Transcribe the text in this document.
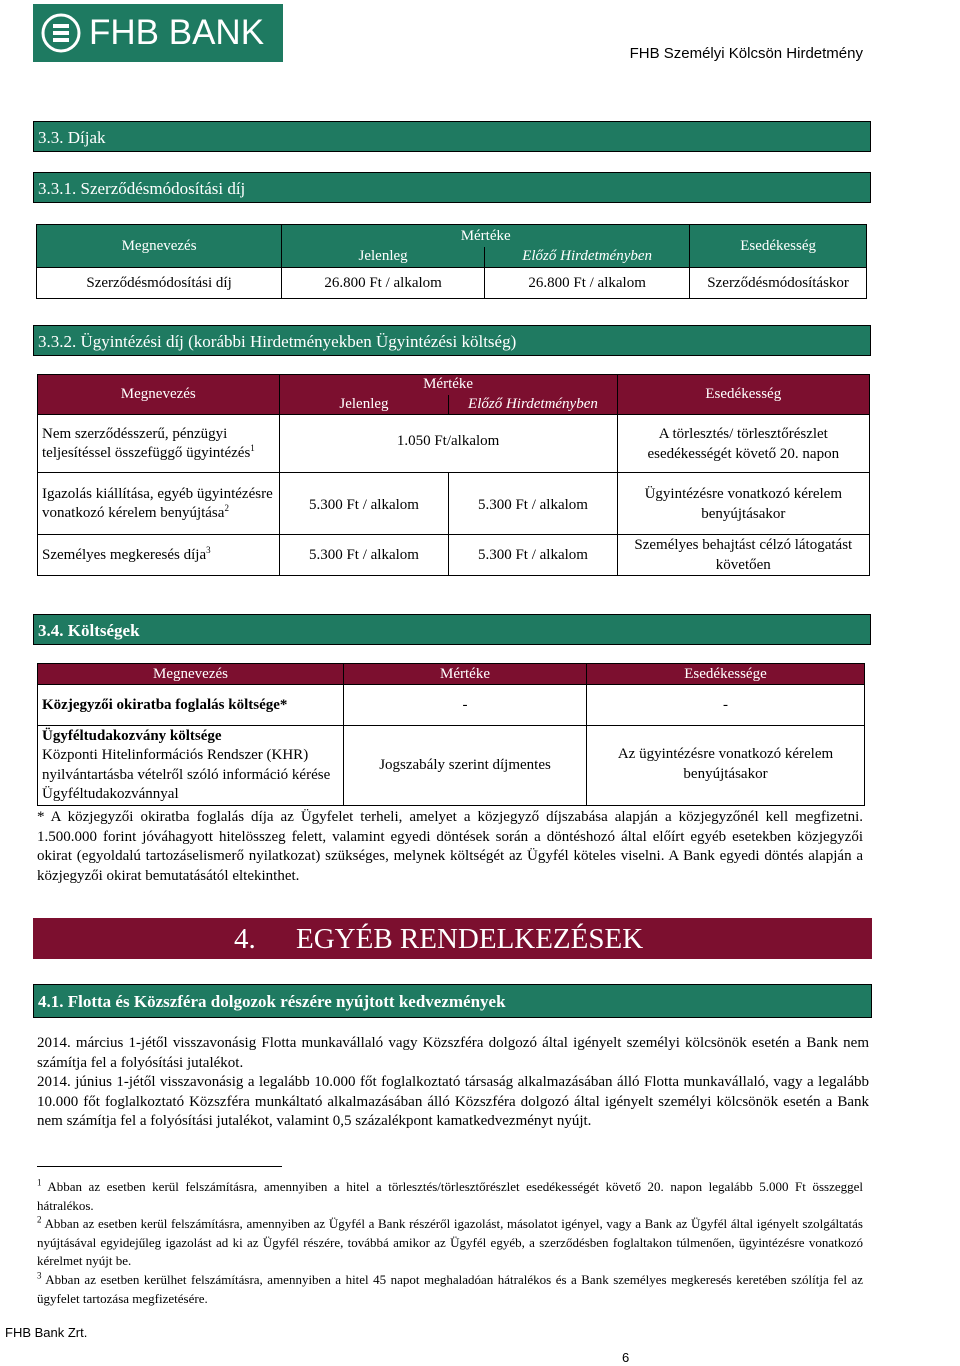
FHB BANK
FHB Személyi Kölcsön Hirdetmény
3.3. Díjak
3.3.1. Szerződésmódosítási díj
Megnevezés	Mértéke		Esedékesség
	Jelenleg	Előző Hirdetményben	
Szerződésmódosítási díj	26.800 Ft / alkalom	26.800 Ft / alkalom	Szerződésmódosításkor
3.3.2. Ügyintézési díj (korábbi Hirdetményekben Ügyintézési költség)
Megnevezés	Mértéke		Esedékesség
	Jelenleg	Előző Hirdetményben	
Nem szerződésszerű, pénzügyi teljesítéssel összefüggő ügyintézés$^1$	1.050 Ft/alkalom		A törlesztés/ törlesztőrészlet esedékességét követő 20. napon
Igazolás kiállítása, egyéb ügyintézésre vonatkozó kérelem benyújtása$^2$	5.300 Ft / alkalom	5.300 Ft / alkalom	Ügyintézésre vonatkozó kérelem benyújtásakor
Személyes megkeresés díja$^3$	5.300 Ft / alkalom	5.300 Ft / alkalom	Személyes behajtást célzó látogatást követően
3.4. Költségek
Megnevezés	Mértéke	Esedékessége
Közjegyzői okiratba foglalás költsége*	-	-
Ügyféltudakozvány költsége
Központi Hitelinformációs Rendszer (KHR) nyilvántartásba vételről szóló információ kérése Ügyféltudakozvánnyal	Jogszabály szerint díjmentes	Az ügyintézésre vonatkozó kérelem benyújtásakor
* A közjegyzői okiratba foglalás díja az Ügyfelet terheli, amelyet a közjegyző díjszabása alapján a közjegyzőnél kell megfizetni. 1.500.000 forint jóváhagyott hitelösszeg felett, valamint egyedi döntések során a döntéshozó által előírt egyéb esetekben közjegyzői okirat (egyoldalú tartozáselismerő nyilatkozat) szükséges, melynek költségét az Ügyfél köteles viselni. A Bank egyedi döntés alapján a közjegyzői okirat bemutatásától eltekinthet.
4. EGYÉB RENDELKEZÉSEK
4.1. Flotta és Közszféra dolgozok részére nyújtott kedvezmények
2014. március 1-jétől visszavonásig Flotta munkavállaló vagy Közszféra dolgozó által igényelt személyi kölcsönök esetén a Bank nem számítja fel a folyósítási jutalékot.
2014. június 1-jétől visszavonásig a legalább 10.000 főt foglalkoztató társaság alkalmazásában álló Flotta munkavállaló, vagy a legalább 10.000 főt foglalkoztató Közszféra munkáltató alkalmazásában álló Közszféra dolgozó által igényelt személyi kölcsönök esetén a Bank nem számítja fel a folyósítási jutalékot, valamint 0,5 százalékpont kamatkedvezményt nyújt.
$^1$ Abban az esetben kerül felszámításra, amennyiben a hitel a törlesztés/törlesztőrészlet esedékességét követő 20. napon legalább 5.000 Ft összeggel hátralékos.
$^2$ Abban az esetben kerül felszámításra, amennyiben az Ügyfél a Bank részéről igazolást, másolatot igényel, vagy a Bank az Ügyfél által igényelt szolgáltatás nyújtásával egyidejűleg igazolást ad ki az Ügyfél részére, továbbá amikor az Ügyfél egyéb, a szerződésben foglaltakon túlmenően, ügyintézésre vonatkozó kérelmet nyújt be.
$^3$ Abban az esetben kerülhet felszámításra, amennyiben a hitel 45 napot meghaladóan hátralékos és a Bank személyes megkeresés keretében szólítja fel az ügyfelet tartozása megfizetésére.
FHB Bank Zrt.
6
